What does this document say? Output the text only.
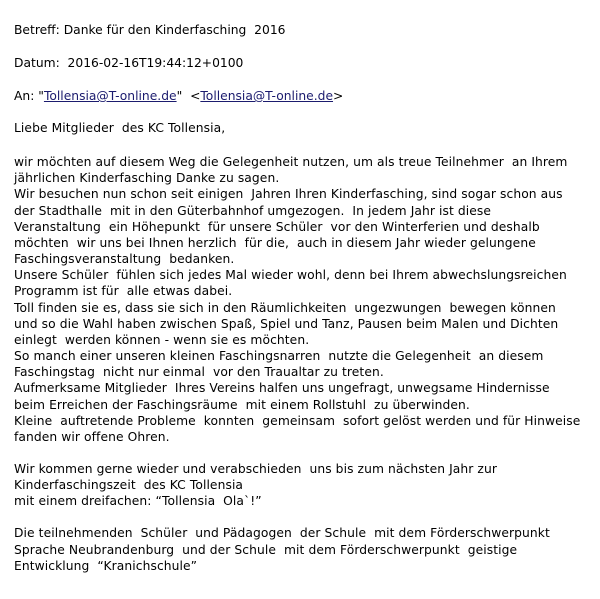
Betreff: Danke für den Kinderfasching  2016
Datum:  2016-02-16T19:44:12+0100
An: "Tollensia@T-online.de" <Tollensia@T-online.de>
Liebe Mitglieder  des KC Tollensia,
wir möchten auf diesem Weg die Gelegenheit nutzen, um als treue Teilnehmer  an Ihrem
jährlichen Kinderfasching Danke zu sagen.
Wir besuchen nun schon seit einigen  Jahren Ihren Kinderfasching, sind sogar schon aus
der Stadthalle  mit in den Güterbahnhof umgezogen.  In jedem Jahr ist diese
Veranstaltung  ein Höhepunkt  für unsere Schüler  vor den Winterferien und deshalb
möchten  wir uns bei Ihnen herzlich  für die,  auch in diesem Jahr wieder gelungene
Faschingsveranstaltung  bedanken.
Unsere Schüler  fühlen sich jedes Mal wieder wohl, denn bei Ihrem abwechslungsreichen
Programm ist für  alle etwas dabei.
Toll finden sie es, dass sie sich in den Räumlichkeiten  ungezwungen  bewegen können
und so die Wahl haben zwischen Spaß, Spiel und Tanz, Pausen beim Malen und Dichten
einlegt  werden können - wenn sie es möchten.
So manch einer unseren kleinen Faschingsnarren  nutzte die Gelegenheit  an diesem
Faschingstag  nicht nur einmal  vor den Traualtar zu treten.
Aufmerksame Mitglieder  Ihres Vereins halfen uns ungefragt, unwegsame Hindernisse
beim Erreichen der Faschingsräume  mit einem Rollstuhl  zu überwinden.
Kleine  auftretende Probleme  konnten  gemeinsam  sofort gelöst werden und für Hinweise
fanden wir offene Ohren.
Wir kommen gerne wieder und verabschieden  uns bis zum nächsten Jahr zur
Kinderfaschingszeit  des KC Tollensia
mit einem dreifachen: “Tollensia  Ola`!”
Die teilnehmenden  Schüler  und Pädagogen  der Schule  mit dem Förderschwerpunkt
Sprache Neubrandenburg  und der Schule  mit dem Förderschwerpunkt  geistige
Entwicklung  “Kranichschule”
